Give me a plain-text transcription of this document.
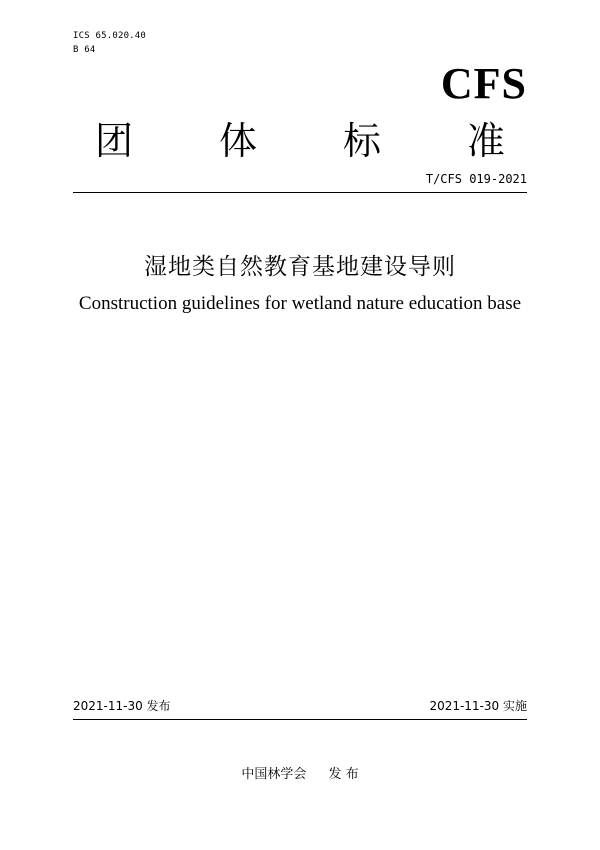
ICS 65.020.40
B 64
CFS
团 体 标 准
T/CFS 019-2021
湿地类自然教育基地建设导则
Construction guidelines for wetland nature education base
2021-11-30 发布	2021-11-30 实施
中国林学会 发 布
